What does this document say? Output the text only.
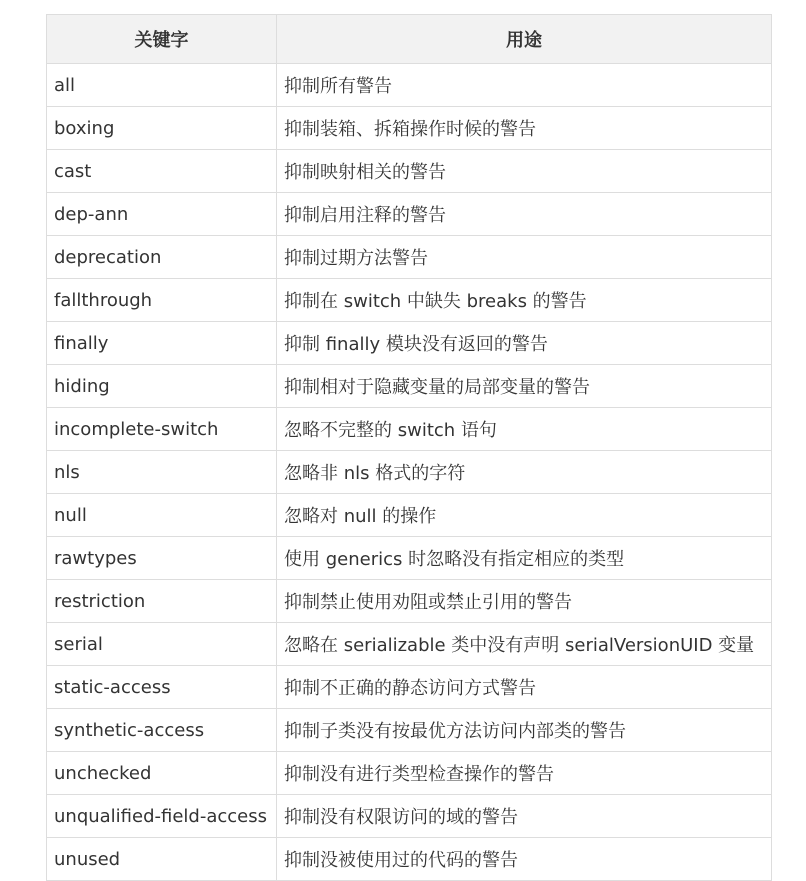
关键字	用途
all	抑制所有警告
boxing	抑制装箱、拆箱操作时候的警告
cast	抑制映射相关的警告
dep-ann	抑制启用注释的警告
deprecation	抑制过期方法警告
fallthrough	抑制在 switch 中缺失 breaks 的警告
finally	抑制 finally 模块没有返回的警告
hiding	抑制相对于隐藏变量的局部变量的警告
incomplete-switch	忽略不完整的 switch 语句
nls	忽略非 nls 格式的字符
null	忽略对 null 的操作
rawtypes	使用 generics 时忽略没有指定相应的类型
restriction	抑制禁止使用劝阻或禁止引用的警告
serial	忽略在 serializable 类中没有声明 serialVersionUID 变量
static-access	抑制不正确的静态访问方式警告
synthetic-access	抑制子类没有按最优方法访问内部类的警告
unchecked	抑制没有进行类型检查操作的警告
unqualified-field-access	抑制没有权限访问的域的警告
unused	抑制没被使用过的代码的警告
